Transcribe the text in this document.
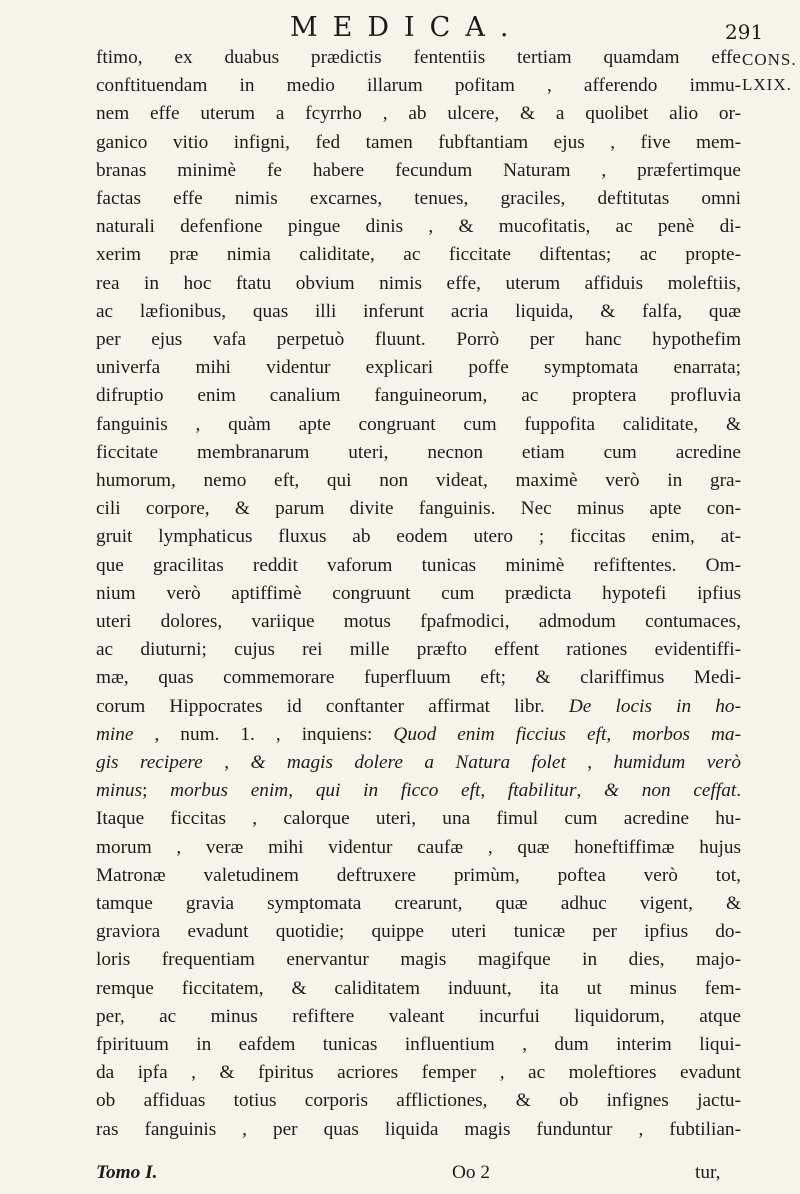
MEDICA.	291
CONS.
LXIX.
ftimo, ex duabus prædictis fententiis tertiam quamdam effe
conftituendam in medio illarum pofitam , afferendo immu-
nem effe uterum a fcyrrho , ab ulcere, & a quolibet alio or-
ganico vitio infigni, fed tamen fubftantiam ejus , five mem-
branas minimè fe habere fecundum Naturam , præfertimque
factas effe nimis excarnes, tenues, graciles, deftitutas omni
naturali defenfione pingue dinis , & mucofitatis, ac penè di-
xerim præ nimia caliditate, ac ficcitate diftentas; ac propte-
rea in hoc ftatu obvium nimis effe, uterum affiduis moleftiis,
ac læfionibus, quas illi inferunt acria liquida, & falfa, quæ
per ejus vafa perpetuò fluunt. Porrò per hanc hypothefim
univerfa mihi videntur explicari poffe symptomata enarrata;
difruptio enim canalium fanguineorum, ac proptera profluvia
fanguinis , quàm apte congruant cum fuppofita caliditate, &
ficcitate membranarum uteri, necnon etiam cum acredine
humorum, nemo eft, qui non videat, maximè verò in gra-
cili corpore, & parum divite fanguinis. Nec minus apte con-
gruit lymphaticus fluxus ab eodem utero ; ficcitas enim, at-
que gracilitas reddit vaforum tunicas minimè refiftentes. Om-
nium verò aptiffimè congruunt cum prædicta hypotefi ipfius
uteri dolores, variique motus fpafmodici, admodum contumaces,
ac diuturni; cujus rei mille præfto effent rationes evidentiffi-
mæ, quas commemorare fuperfluum eft; & clariffimus Medi-
corum Hippocrates id conftanter affirmat libr. De locis in ho-
mine , num. 1. , inquiens: Quod enim ficcius eft, morbos ma-
gis recipere , & magis dolere a Natura folet , humidum verò
minus; morbus enim, qui in ficco eft, ftabilitur, & non ceffat.
Itaque ficcitas , calorque uteri, una fimul cum acredine hu-
morum , veræ mihi videntur caufæ , quæ honeftiffimæ hujus
Matronæ valetudinem deftruxere primùm, poftea verò tot,
tamque gravia symptomata crearunt, quæ adhuc vigent, &
graviora evadunt quotidie; quippe uteri tunicæ per ipfius do-
loris frequentiam enervantur magis magifque in dies, majo-
remque ficcitatem, & caliditatem induunt, ita ut minus fem-
per, ac minus refiftere valeant incurfui liquidorum, atque
fpirituum in eafdem tunicas influentium , dum interim liqui-
da ipfa , & fpiritus acriores femper , ac moleftiores evadunt
ob affiduas totius corporis afflictiones, & ob infignes jactu-
ras fanguinis , per quas liquida magis funduntur , fubtilian-
Tomo I.	Oo 2	tur,
